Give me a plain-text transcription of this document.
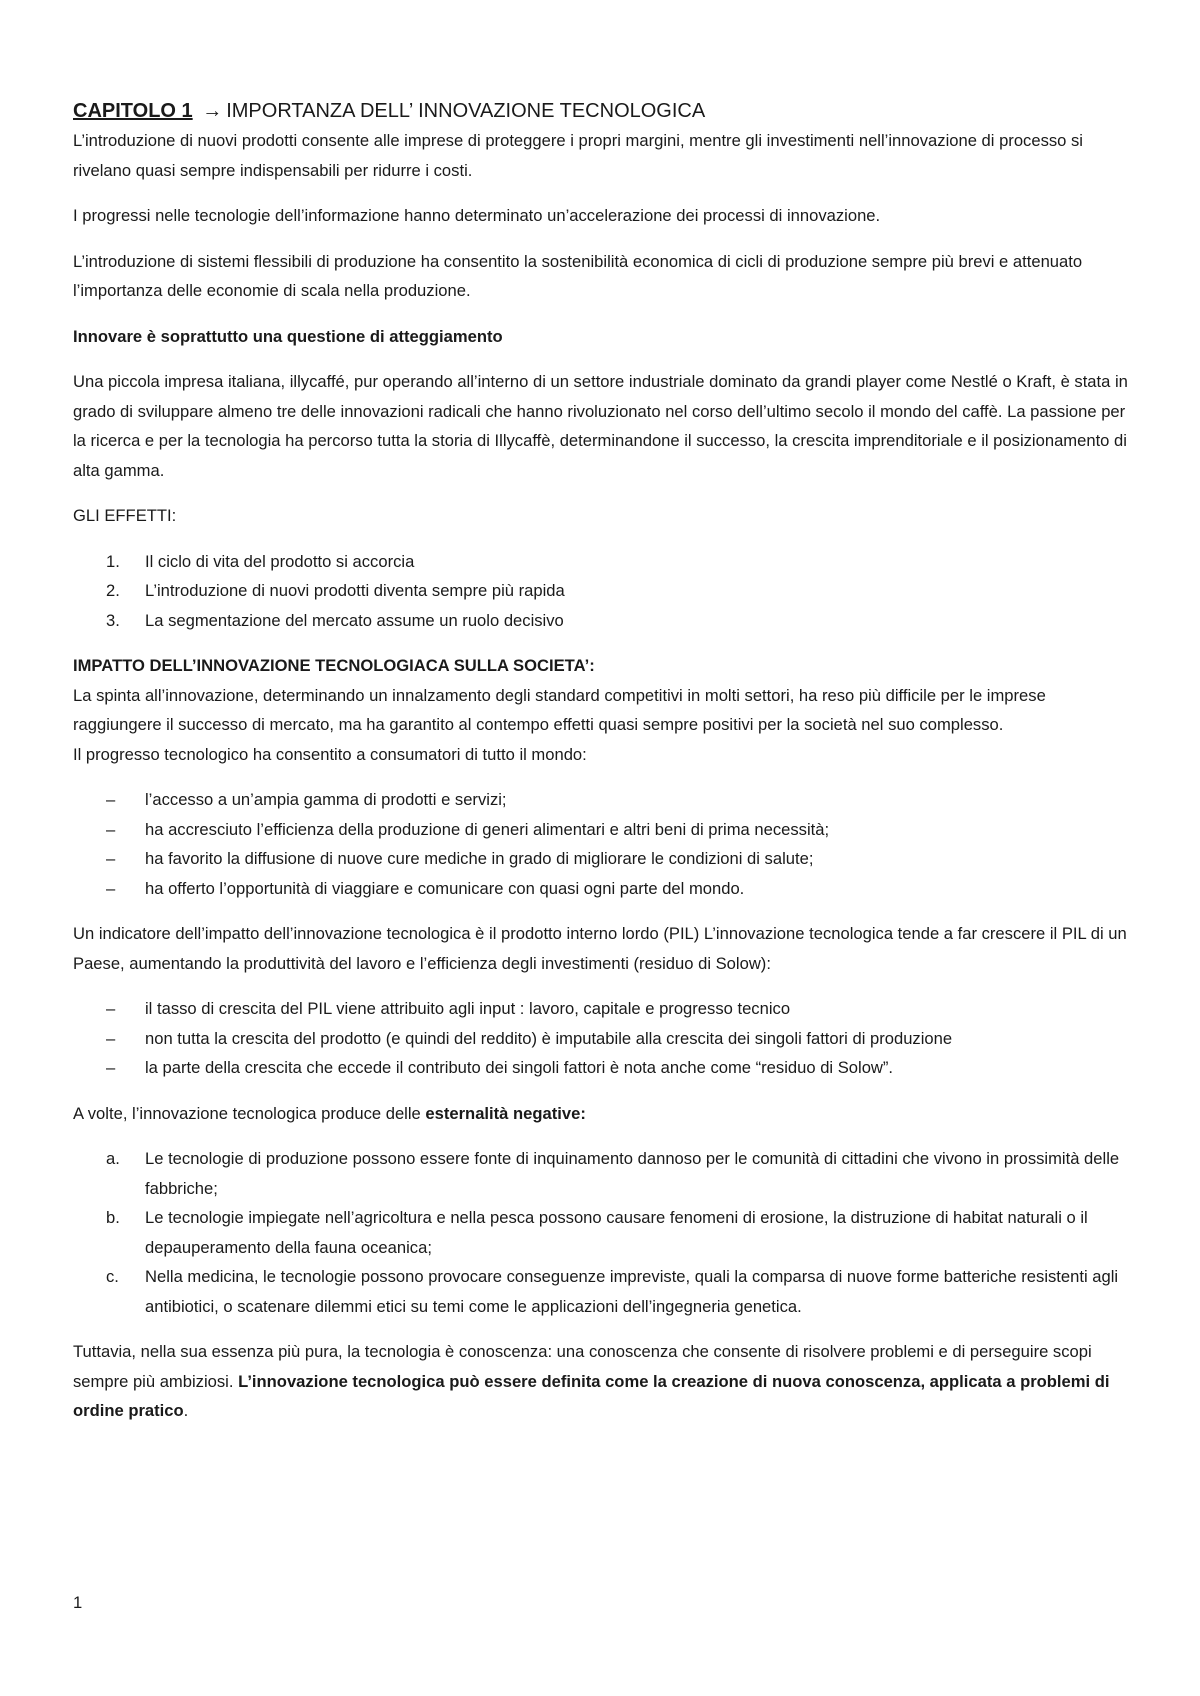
CAPITOLO 1 → IMPORTANZA DELL’ INNOVAZIONE TECNOLOGICA

L’introduzione di nuovi prodotti consente alle imprese di proteggere i propri margini, mentre gli investimenti nell’innovazione di processo si rivelano quasi sempre indispensabili per ridurre i costi.

I progressi nelle tecnologie dell’informazione hanno determinato un’accelerazione dei processi di innovazione.

L’introduzione di sistemi flessibili di produzione ha consentito la sostenibilità economica di cicli di produzione sempre più brevi e attenuato l’importanza delle economie di scala nella produzione.

Innovare è soprattutto una questione di atteggiamento

Una piccola impresa italiana, illycaffé, pur operando all’interno di un settore industriale dominato da grandi player come Nestlé o Kraft, è stata in grado di sviluppare almeno tre delle innovazioni radicali che hanno rivoluzionato nel corso dell’ultimo secolo il mondo del caffè. La passione per la ricerca e per la tecnologia ha percorso tutta la storia di Illycaffè, determinandone il successo, la crescita imprenditoriale e il posizionamento di alta gamma.

GLI EFFETTI:

1. Il ciclo di vita del prodotto si accorcia
2. L’introduzione di nuovi prodotti diventa sempre più rapida
3. La segmentazione del mercato assume un ruolo decisivo

IMPATTO DELL’INNOVAZIONE TECNOLOGIACA SULLA SOCIETA’:

La spinta all’innovazione, determinando un innalzamento degli standard competitivi in molti settori, ha reso più difficile per le imprese raggiungere il successo di mercato, ma ha garantito al contempo effetti quasi sempre positivi per la società nel suo complesso.

Il progresso tecnologico ha consentito a consumatori di tutto il mondo:

– l’accesso a un’ampia gamma di prodotti e servizi;
– ha accresciuto l’efficienza della produzione di generi alimentari e altri beni di prima necessità;
– ha favorito la diffusione di nuove cure mediche in grado di migliorare le condizioni di salute;
– ha offerto l’opportunità di viaggiare e comunicare con quasi ogni parte del mondo.

Un indicatore dell’impatto dell’innovazione tecnologica è il prodotto interno lordo (PIL) L’innovazione tecnologica tende a far crescere il PIL di un Paese, aumentando la produttività del lavoro e l’efficienza degli investimenti (residuo di Solow):

– il tasso di crescita del PIL viene attribuito agli input : lavoro, capitale e progresso tecnico
– non tutta la crescita del prodotto (e quindi del reddito) è imputabile alla crescita dei singoli fattori di produzione
– la parte della crescita che eccede il contributo dei singoli fattori è nota anche come “residuo di Solow”.

A volte, l’innovazione tecnologica produce delle esternalità negative:

a. Le tecnologie di produzione possono essere fonte di inquinamento dannoso per le comunità di cittadini che vivono in prossimità delle fabbriche;
b. Le tecnologie impiegate nell’agricoltura e nella pesca possono causare fenomeni di erosione, la distruzione di habitat naturali o il depauperamento della fauna oceanica;
c. Nella medicina, le tecnologie possono provocare conseguenze impreviste, quali la comparsa di nuove forme batteriche resistenti agli antibiotici, o scatenare dilemmi etici su temi come le applicazioni dell’ingegneria genetica.

Tuttavia, nella sua essenza più pura, la tecnologia è conoscenza: una conoscenza che consente di risolvere problemi e di perseguire scopi sempre più ambiziosi. L’innovazione tecnologica può essere definita come la creazione di nuova conoscenza, applicata a problemi di ordine pratico.

1
